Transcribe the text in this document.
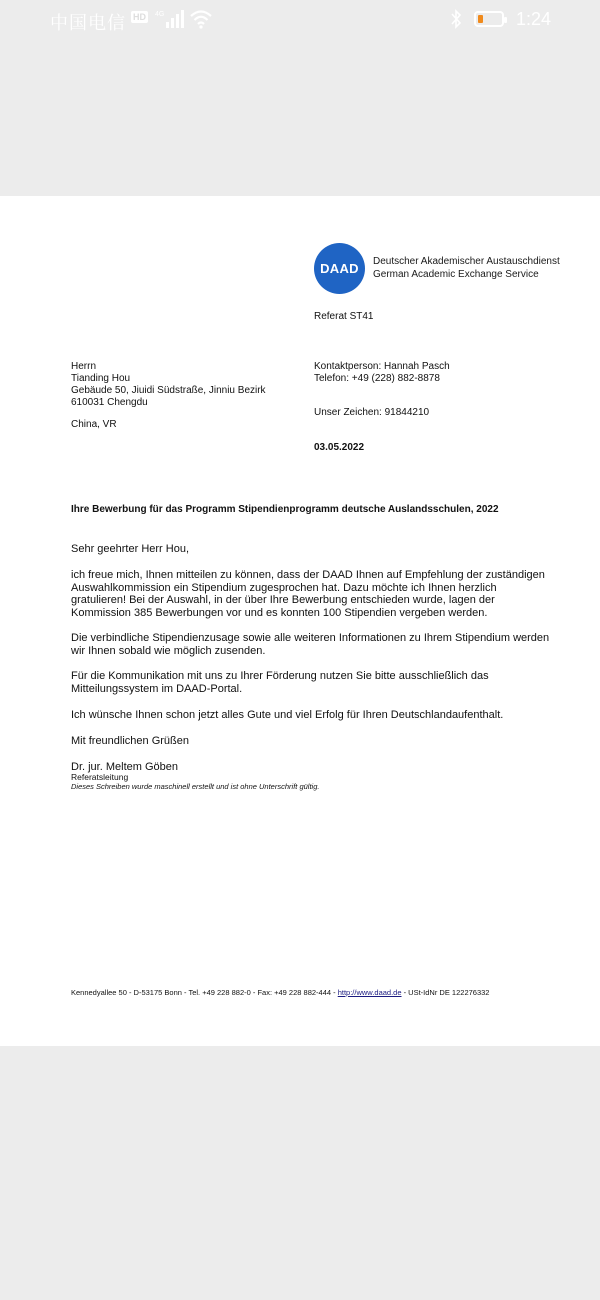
中国电信 HD 4G	1:24
DAAD Deutscher Akademischer Austauschdienst
German Academic Exchange Service
Referat ST41
Herrn
Tianding Hou
Gebäude 50, Jiuidi Südstraße, Jinniu Bezirk
610031 Chengdu
China, VR
Kontaktperson: Hannah Pasch
Telefon: +49 (228) 882-8878
Unser Zeichen: 91844210
03.05.2022
Ihre Bewerbung für das Programm Stipendienprogramm deutsche Auslandsschulen, 2022
Sehr geehrter Herr Hou,
ich freue mich, Ihnen mitteilen zu können, dass der DAAD Ihnen auf Empfehlung der zuständigen
Auswahlkommission ein Stipendium zugesprochen hat. Dazu möchte ich Ihnen herzlich
gratulieren! Bei der Auswahl, in der über Ihre Bewerbung entschieden wurde, lagen der
Kommission 385 Bewerbungen vor und es konnten 100 Stipendien vergeben werden.
Die verbindliche Stipendienzusage sowie alle weiteren Informationen zu Ihrem Stipendium werden
wir Ihnen sobald wie möglich zusenden.
Für die Kommunikation mit uns zu Ihrer Förderung nutzen Sie bitte ausschließlich das
Mitteilungssystem im DAAD-Portal.
Ich wünsche Ihnen schon jetzt alles Gute und viel Erfolg für Ihren Deutschlandaufenthalt.
Mit freundlichen Grüßen
Dr. jur. Meltem Göben
Referatsleitung
Dieses Schreiben wurde maschinell erstellt und ist ohne Unterschrift gültig.
Kennedyallee 50 - D-53175 Bonn - Tel. +49 228 882-0 - Fax: +49 228 882-444 - http://www.daad.de - USt-IdNr DE 122276332
